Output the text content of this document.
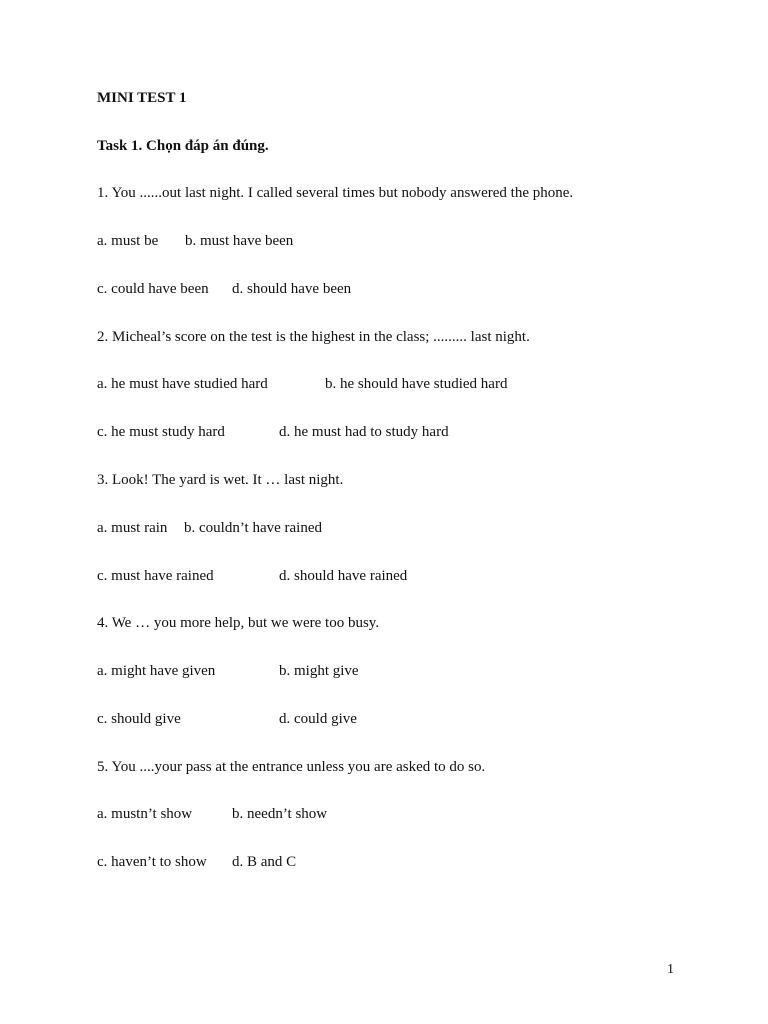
MINI TEST 1
Task 1. Chọn đáp án đúng.
1. You ......out last night. I called several times but nobody answered the phone.
a. must be b. must have been
c. could have been d. should have been
2. Micheal’s score on the test is the highest in the class; ......... last night.
a. he must have studied hard	b. he should have studied hard
c. he must study hard	d. he must had to study hard
3. Look! The yard is wet. It … last night.
a. must rain b. couldn’t have rained
c. must have rained	d. should have rained
4. We … you more help, but we were too busy.
a. might have given	b. might give
c. should give	d. could give
5. You ....your pass at the entrance unless you are asked to do so.
a. mustn’t show	b. needn’t show
c. haven’t to show d. B and C
1
